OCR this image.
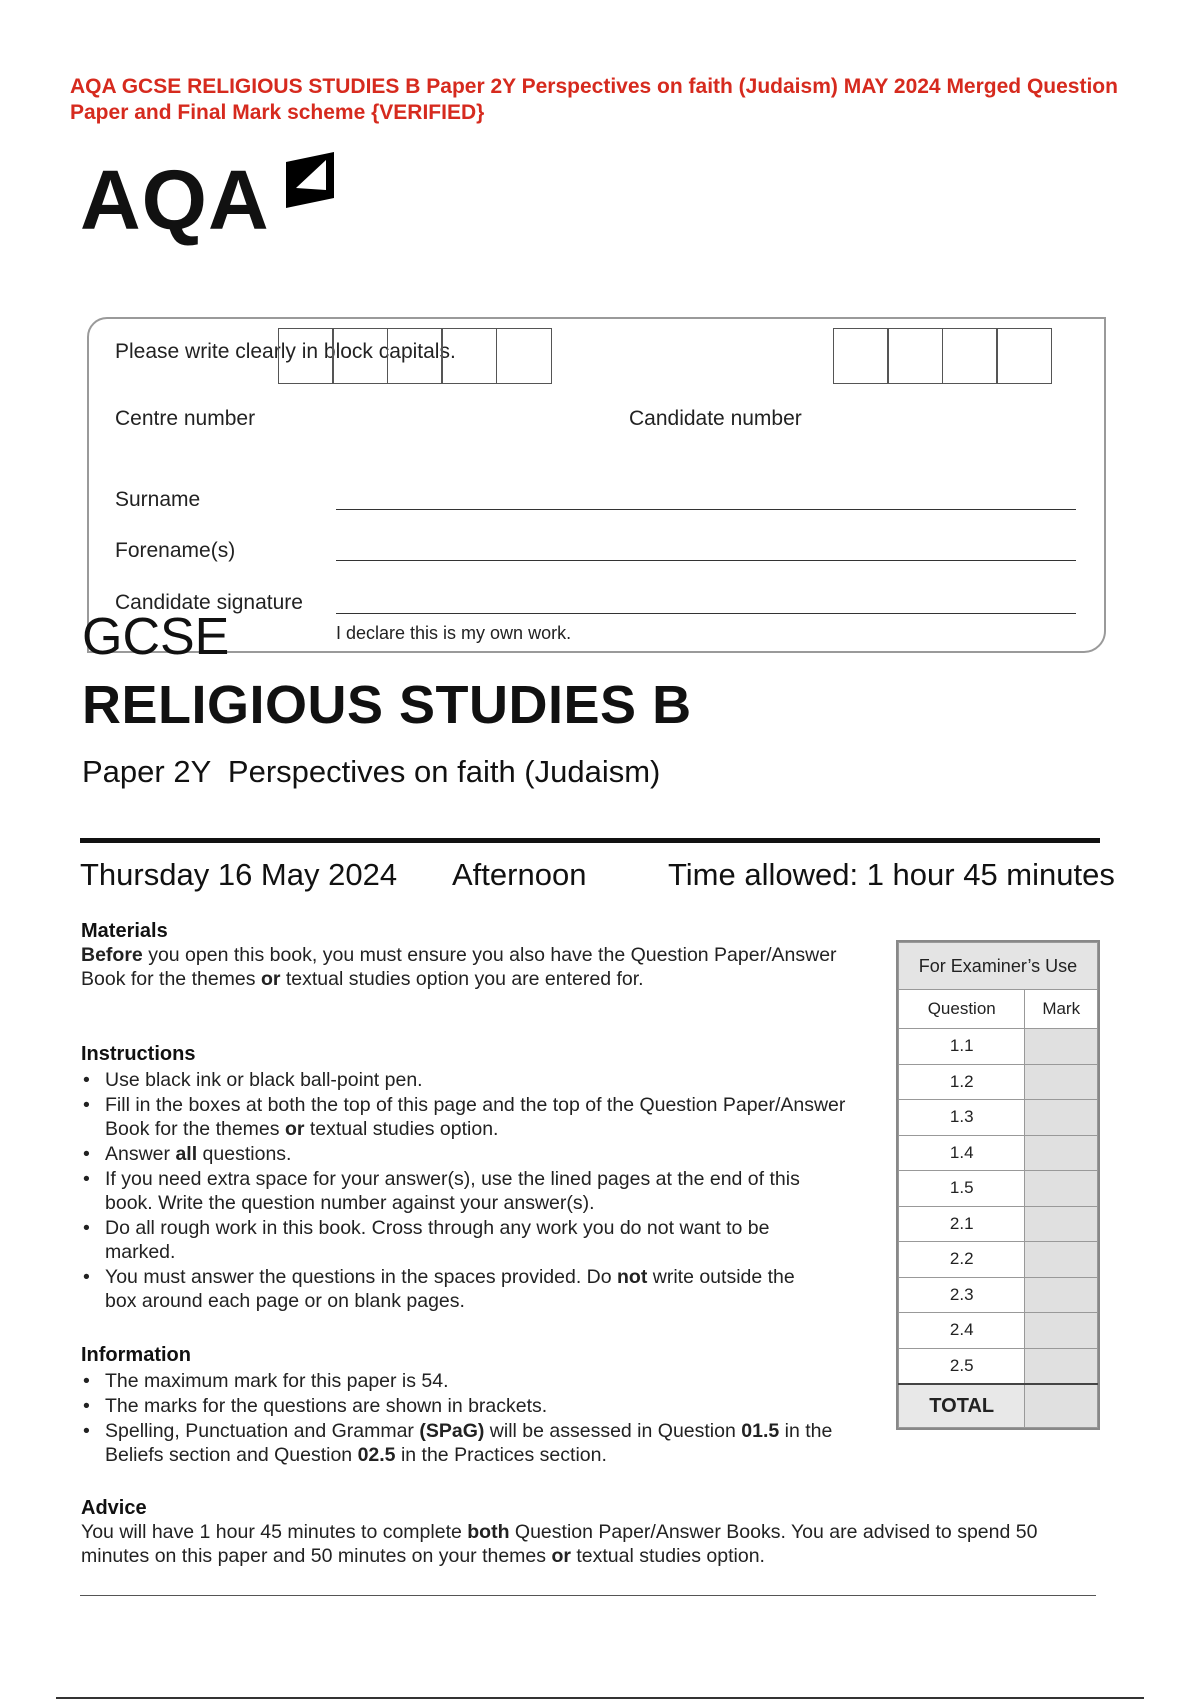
AQA GCSE RELIGIOUS STUDIES B Paper 2Y Perspectives on faith (Judaism) MAY 2024 Merged Question Paper and Final Mark scheme {VERIFIED}
AQA
Please write clearly in block capitals.
Centre number	Candidate number
Surname
Forename(s)
Candidate signature
I declare this is my own work.
GCSE
RELIGIOUS STUDIES B
Paper 2Y  Perspectives on faith (Judaism)
Thursday 16 May 2024 Afternoon	Time allowed: 1 hour 45 minutes
Materials
Before you open this book, you must ensure you also have the Question Paper/Answer Book for the themes or textual studies option you are entered for.
Instructions
• Use black ink or black ball-point pen.
• Fill in the boxes at both the top of this page and the top of the Question Paper/Answer Book for the themes or textual studies option.
• Answer all questions.
• If you need extra space for your answer(s), use the lined pages at the end of this book. Write the question number against your answer(s).
• Do all rough work in this book. Cross through any work you do not want to be marked.
• You must answer the questions in the spaces provided. Do not write outside the box around each page or on blank pages.
Information
• The maximum mark for this paper is 54.
• The marks for the questions are shown in brackets.
• Spelling, Punctuation and Grammar (SPaG) will be assessed in Question 01.5 in the Beliefs section and Question 02.5 in the Practices section.
Advice
You will have 1 hour 45 minutes to complete both Question Paper/Answer Books. You are advised to spend 50 minutes on this paper and 50 minutes on your themes or textual studies option.
For Examiner’s Use	
Question	Mark
1.1	
1.2	
1.3	
1.4	
1.5	
2.1	
2.2	
2.3	
2.4	
2.5	
TOTAL	
